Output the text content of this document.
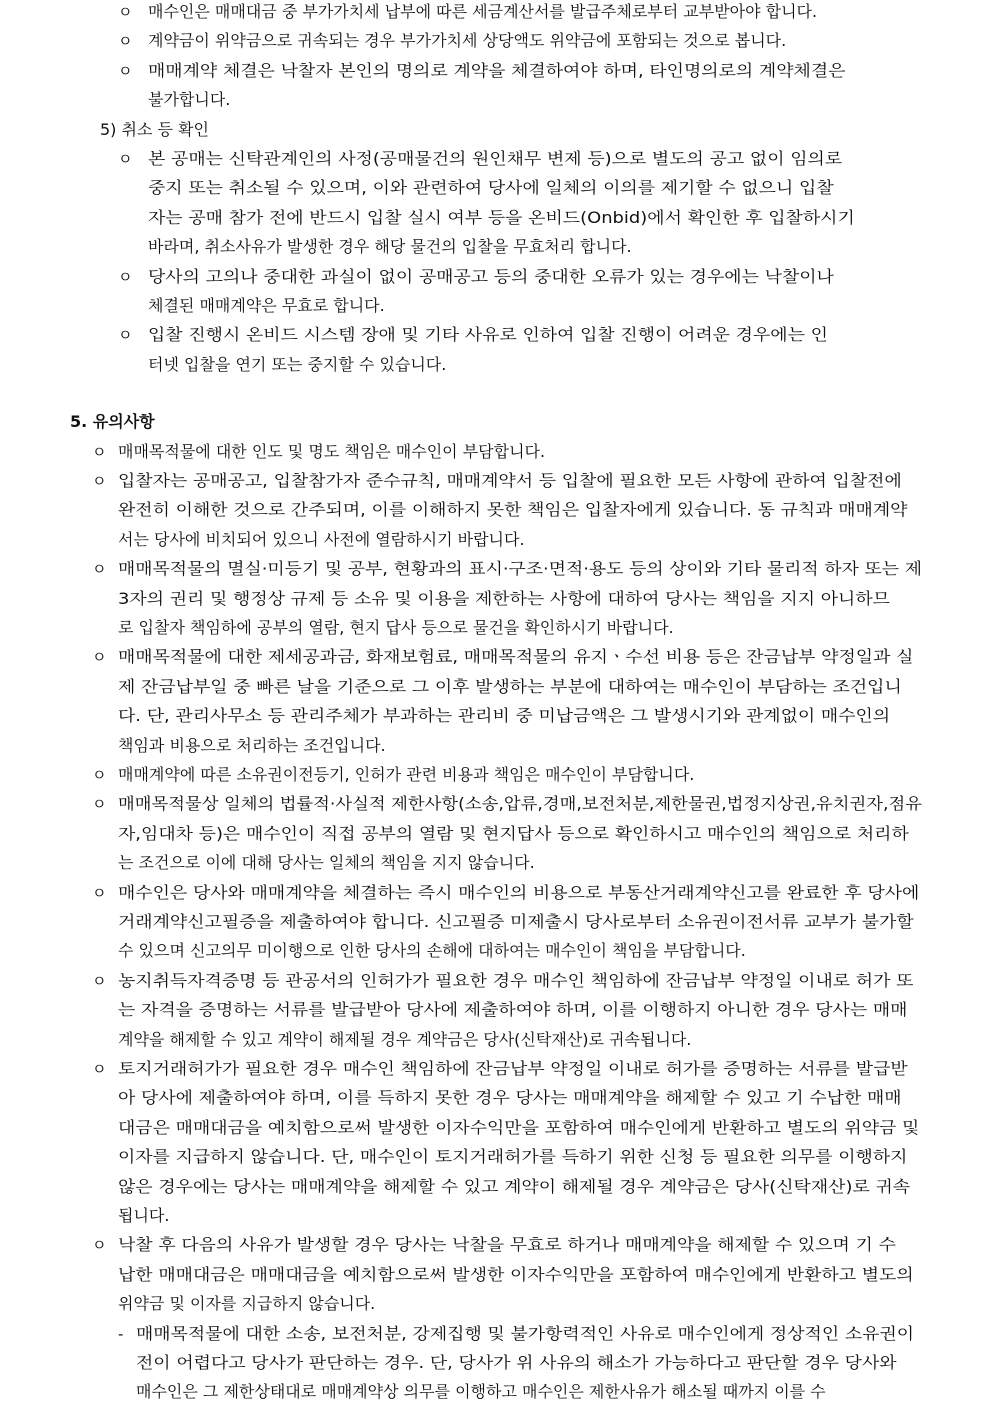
ㅇ 매수인은 매매대금 중 부가가치세 납부에 따른 세금계산서를 발급주체로부터 교부받아야 합니다.
ㅇ 계약금이 위약금으로 귀속되는 경우 부가가치세 상당액도 위약금에 포함되는 것으로 봅니다.
ㅇ 매매계약 체결은 낙찰자 본인의 명의로 계약을 체결하여야 하며, 타인명의로의 계약체결은
불가합니다.
5) 취소 등 확인
ㅇ 본 공매는 신탁관계인의 사정(공매물건의 원인채무 변제 등)으로 별도의 공고 없이 임의로
중지 또는 취소될 수 있으며, 이와 관련하여 당사에 일체의 이의를 제기할 수 없으니 입찰
자는 공매 참가 전에 반드시 입찰 실시 여부 등을 온비드(Onbid)에서 확인한 후 입찰하시기
바라며, 취소사유가 발생한 경우 해당 물건의 입찰을 무효처리 합니다.
ㅇ 당사의 고의나 중대한 과실이 없이 공매공고 등의 중대한 오류가 있는 경우에는 낙찰이나
체결된 매매계약은 무효로 합니다.
ㅇ 입찰 진행시 온비드 시스템 장애 및 기타 사유로 인하여 입찰 진행이 어려운 경우에는 인
터넷 입찰을 연기 또는 중지할 수 있습니다.
5. 유의사항
ㅇ 매매목적물에 대한 인도 및 명도 책임은 매수인이 부담합니다.
ㅇ 입찰자는 공매공고, 입찰참가자 준수규칙, 매매계약서 등 입찰에 필요한 모든 사항에 관하여 입찰전에
완전히 이해한 것으로 간주되며, 이를 이해하지 못한 책임은 입찰자에게 있습니다. 동 규칙과 매매계약
서는 당사에 비치되어 있으니 사전에 열람하시기 바랍니다.
ㅇ 매매목적물의 멸실·미등기 및 공부, 현황과의 표시·구조·면적·용도 등의 상이와 기타 물리적 하자 또는 제
3자의 권리 및 행정상 규제 등 소유 및 이용을 제한하는 사항에 대하여 당사는 책임을 지지 아니하므
로 입찰자 책임하에 공부의 열람, 현지 답사 등으로 물건을 확인하시기 바랍니다.
ㅇ 매매목적물에 대한 제세공과금, 화재보험료, 매매목적물의 유지ㆍ수선 비용 등은 잔금납부 약정일과 실
제 잔금납부일 중 빠른 날을 기준으로 그 이후 발생하는 부분에 대하여는 매수인이 부담하는 조건입니
다. 단, 관리사무소 등 관리주체가 부과하는 관리비 중 미납금액은 그 발생시기와 관계없이 매수인의
책임과 비용으로 처리하는 조건입니다.
ㅇ 매매계약에 따른 소유권이전등기, 인허가 관련 비용과 책임은 매수인이 부담합니다.
ㅇ 매매목적물상 일체의 법률적·사실적 제한사항(소송,압류,경매,보전처분,제한물권,법정지상권,유치권자,점유
자,임대차 등)은 매수인이 직접 공부의 열람 및 현지답사 등으로 확인하시고 매수인의 책임으로 처리하
는 조건으로 이에 대해 당사는 일체의 책임을 지지 않습니다.
ㅇ 매수인은 당사와 매매계약을 체결하는 즉시 매수인의 비용으로 부동산거래계약신고를 완료한 후 당사에
거래계약신고필증을 제출하여야 합니다. 신고필증 미제출시 당사로부터 소유권이전서류 교부가 불가할
수 있으며 신고의무 미이행으로 인한 당사의 손해에 대하여는 매수인이 책임을 부담합니다.
ㅇ 농지취득자격증명 등 관공서의 인허가가 필요한 경우 매수인 책임하에 잔금납부 약정일 이내로 허가 또
는 자격을 증명하는 서류를 발급받아 당사에 제출하여야 하며, 이를 이행하지 아니한 경우 당사는 매매
계약을 해제할 수 있고 계약이 해제될 경우 계약금은 당사(신탁재산)로 귀속됩니다.
ㅇ 토지거래허가가 필요한 경우 매수인 책임하에 잔금납부 약정일 이내로 허가를 증명하는 서류를 발급받
아 당사에 제출하여야 하며, 이를 득하지 못한 경우 당사는 매매계약을 해제할 수 있고 기 수납한 매매
대금은 매매대금을 예치함으로써 발생한 이자수익만을 포함하여 매수인에게 반환하고 별도의 위약금 및
이자를 지급하지 않습니다. 단, 매수인이 토지거래허가를 득하기 위한 신청 등 필요한 의무를 이행하지
않은 경우에는 당사는 매매계약을 해제할 수 있고 계약이 해제될 경우 계약금은 당사(신탁재산)로 귀속
됩니다.
ㅇ 낙찰 후 다음의 사유가 발생할 경우 당사는 낙찰을 무효로 하거나 매매계약을 해제할 수 있으며 기 수
납한 매매대금은 매매대금을 예치함으로써 발생한 이자수익만을 포함하여 매수인에게 반환하고 별도의
위약금 및 이자를 지급하지 않습니다.
- 매매목적물에 대한 소송, 보전처분, 강제집행 및 불가항력적인 사유로 매수인에게 정상적인 소유권이
전이 어렵다고 당사가 판단하는 경우. 단, 당사가 위 사유의 해소가 가능하다고 판단할 경우 당사와
매수인은 그 제한상태대로 매매계약상 의무를 이행하고 매수인은 제한사유가 해소될 때까지 이를 수
